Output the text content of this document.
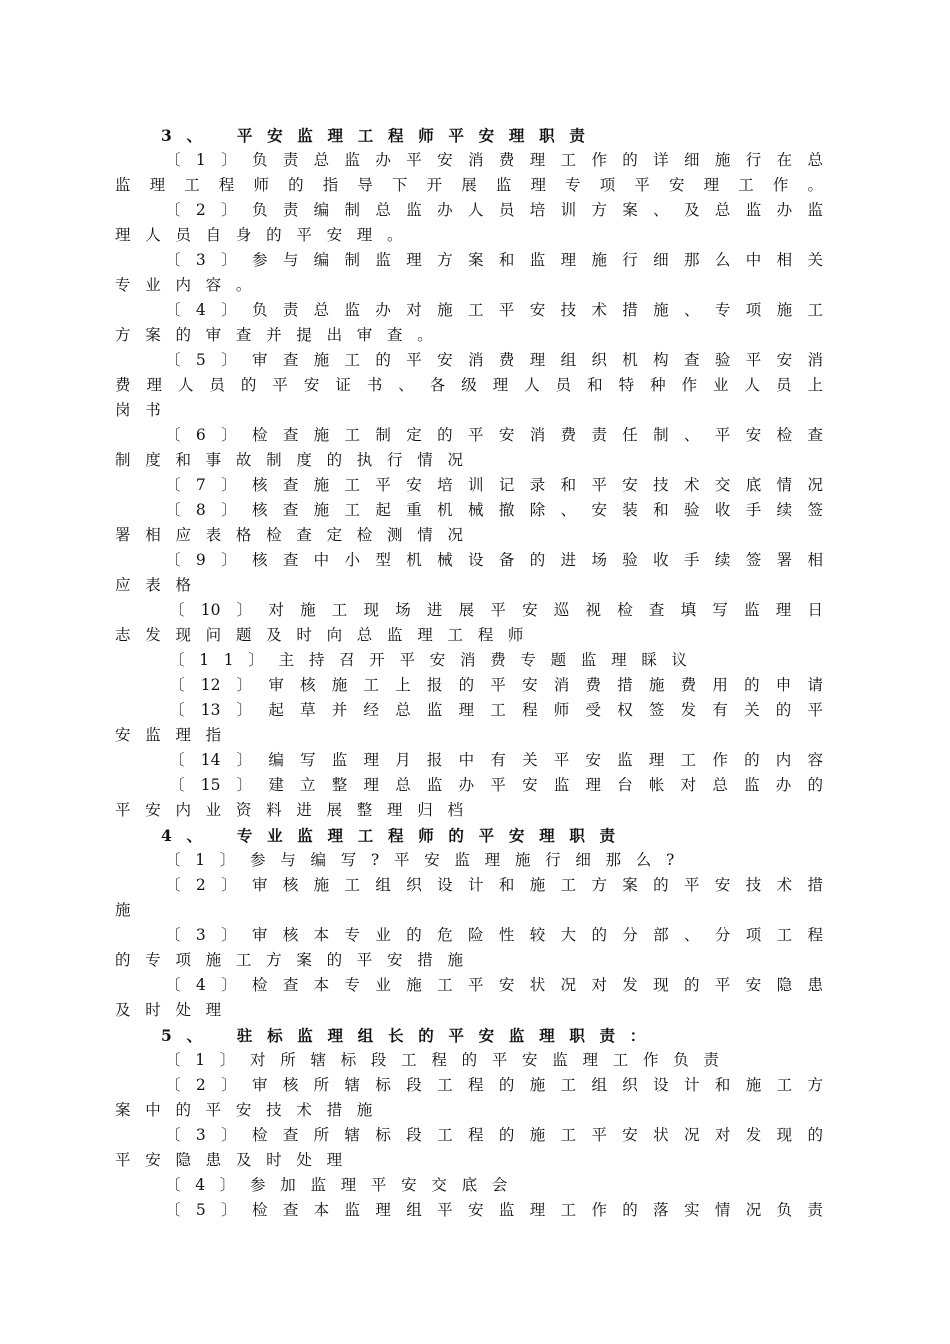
3、 平安监理工程师平安理职责
〔1〕负责总监办平安消费理工作的详细施行在总
监理工程师的指导下开展监理专项平安理工作。
〔2〕负责编制总监办人员培训方案、及总监办监
理人员自身的平安理。
〔3〕参与编制监理方案和监理施行细那么中相关
专业内容。
〔4〕负责总监办对施工平安技术措施、专项施工
方案的审查并提出审查。
〔5〕审查施工的平安消费理组织机构查验平安消
费理人员的平安证书、各级理人员和特种作业人员上
岗书
〔6〕检查施工制定的平安消费责任制、平安检查
制度和事故制度的执行情况
〔7〕核查施工平安培训记录和平安技术交底情况
〔8〕核查施工起重机械撤除、安装和验收手续签
署相应表格检查定检测情况
〔9〕核查中小型机械设备的进场验收手续签署相
应表格
〔10〕对施工现场进展平安巡视检查填写监理日
志发现问题及时向总监理工程师
〔11〕主持召开平安消费专题监理睬议
〔12〕审核施工上报的平安消费措施费用的申请
〔13〕起草并经总监理工程师受权签发有关的平
安监理指
〔14〕编写监理月报中有关平安监理工作的内容
〔15〕建立整理总监办平安监理台帐对总监办的
平安内业资料进展整理归档
4、 专业监理工程师的平安理职责
〔1〕参与编写?平安监理施行细那么?
〔2〕审核施工组织设计和施工方案的平安技术措
施
〔3〕审核本专业的危险性较大的分部、分项工程
的专项施工方案的平安措施
〔4〕检查本专业施工平安状况对发现的平安隐患
及时处理
5、 驻标监理组长的平安监理职责：
〔1〕对所辖标段工程的平安监理工作负责
〔2〕审核所辖标段工程的施工组织设计和施工方
案中的平安技术措施
〔3〕检查所辖标段工程的施工平安状况对发现的
平安隐患及时处理
〔4〕参加监理平安交底会
〔5〕检查本监理组平安监理工作的落实情况负责
